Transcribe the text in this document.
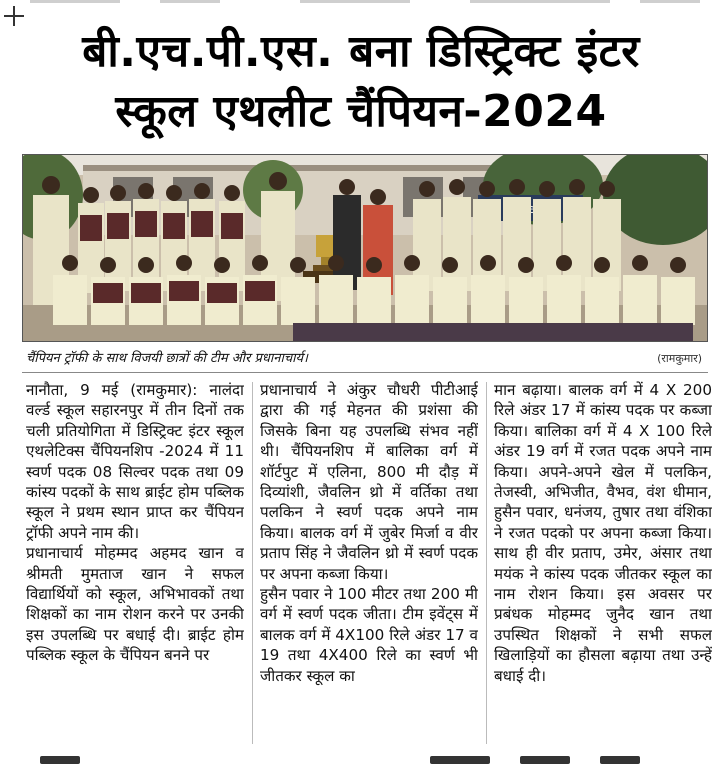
बी.एच.पी.एस. बना डिस्ट्रिक्ट इंटर
स्कूल एथलीट चैंपियन-2024
चैंपियन ट्रॉफी के साथ विजयी छात्रों की टीम और प्रधानाचार्य।	(रामकुमार)

नानौता, 9 मई (रामकुमार): नालंदा वर्ल्ड स्कूल सहारनपुर में तीन दिनों तक चली प्रतियोगिता में डिस्ट्रिक्ट इंटर स्कूल एथलेटिक्स चैंपियनशिप -2024 में 11 स्वर्ण पदक 08 सिल्वर पदक तथा 09 कांस्य पदकों के साथ ब्राईट होम पब्लिक स्कूल ने प्रथम स्थान प्राप्त कर चैंपियन ट्रॉफी अपने नाम की।

प्रधानाचार्य मोहम्मद अहमद खान व श्रीमती मुमताज खान ने सफल विद्यार्थियों को स्कूल, अभिभावकों तथा शिक्षकों का नाम रोशन करने पर उनकी इस उपलब्धि पर बधाई दी। ब्राईट होम पब्लिक स्कूल के चैंपियन बनने पर

प्रधानाचार्य ने अंकुर चौधरी पीटीआई द्वारा की गई मेहनत की प्रशंसा की जिसके बिना यह उपलब्धि संभव नहीं थी। चैंपियनशिप में बालिका वर्ग में शॉर्टपुट में एलिना, 800 मी दौड़ में दिव्यांशी, जैवलिन थ्रो में वर्तिका तथा पलकिन ने स्वर्ण पदक अपने नाम किया। बालक वर्ग में जुबेर मिर्जा व वीर प्रताप सिंह ने जैवलिन थ्रो में स्वर्ण पदक पर अपना कब्जा किया।

हुसैन पवार ने 100 मीटर तथा 200 मी वर्ग में स्वर्ण पदक जीता। टीम इवेंट्स में बालक वर्ग में 4X100 रिले अंडर 17 व 19 तथा 4X400 रिले का स्वर्ण भी जीतकर स्कूल का

मान बढ़ाया। बालक वर्ग में 4 X 200 रिले अंडर 17 में कांस्य पदक पर कब्जा किया। बालिका वर्ग में 4 X 100 रिले अंडर 19 वर्ग में रजत पदक अपने नाम किया। अपने-अपने खेल में पलकिन, तेजस्वी, अभिजीत, वैभव, वंश धीमान, हुसैन पवार, धनंजय, तुषार तथा वंशिका ने रजत पदको पर अपना कब्जा किया। साथ ही वीर प्रताप, उमेर, अंसार तथा मयंक ने कांस्य पदक जीतकर स्कूल का नाम रोशन किया। इस अवसर पर प्रबंधक मोहम्मद जुनैद खान तथा उपस्थित शिक्षकों ने सभी सफल खिलाड़ियों का हौसला बढ़ाया तथा उन्हें बधाई दी।
